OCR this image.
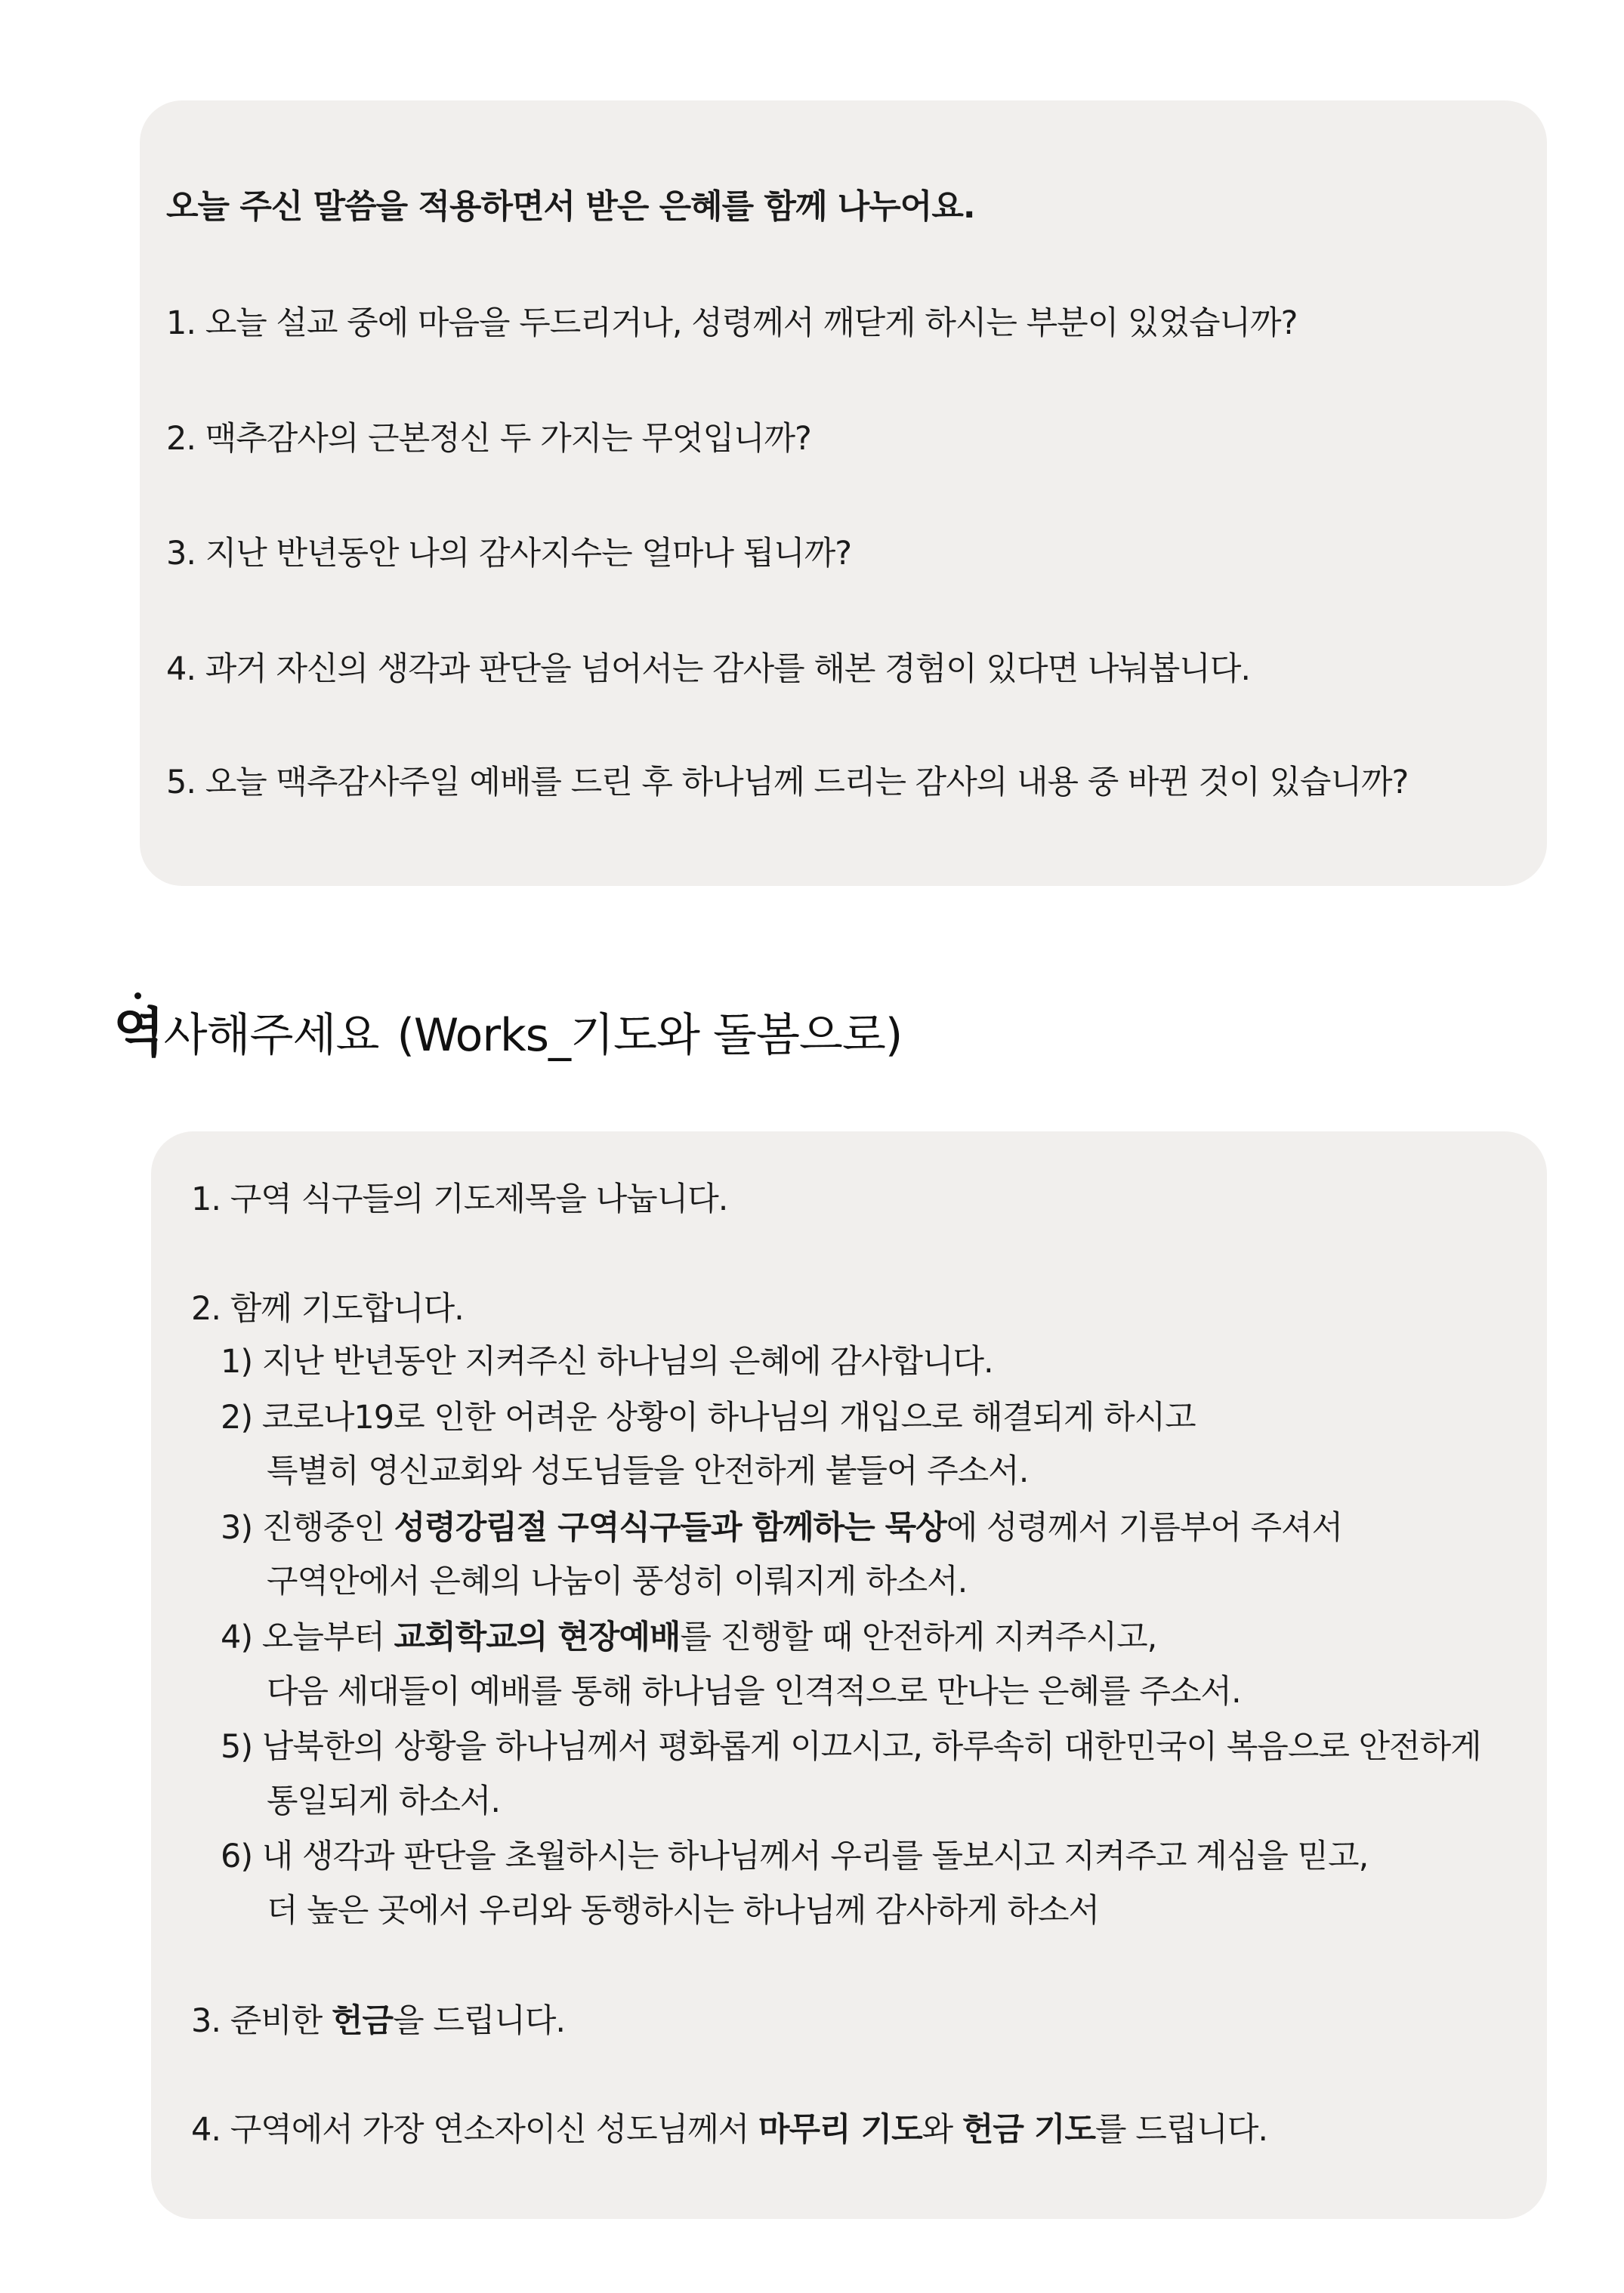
오늘 주신 말씀을 적용하면서 받은 은혜를 함께 나누어요.
1. 오늘 설교 중에 마음을 두드리거나, 성령께서 깨닫게 하시는 부분이 있었습니까?
2. 맥추감사의 근본정신 두 가지는 무엇입니까?
3. 지난 반년동안 나의 감사지수는 얼마나 됩니까?
4. 과거 자신의 생각과 판단을 넘어서는 감사를 해본 경험이 있다면 나눠봅니다.
5. 오늘 맥추감사주일 예배를 드린 후 하나님께 드리는 감사의 내용 중 바뀐 것이 있습니까?
역
사해주세요 (Works_기도와 돌봄으로)
1. 구역 식구들의 기도제목을 나눕니다.
2. 함께 기도합니다.
1) 지난 반년동안 지켜주신 하나님의 은혜에 감사합니다.
2) 코로나19로 인한 어려운 상황이 하나님의 개입으로 해결되게 하시고
특별히 영신교회와 성도님들을 안전하게 붙들어 주소서.
3) 진행중인 성령강림절 구역식구들과 함께하는 묵상에 성령께서 기름부어 주셔서
구역안에서 은혜의 나눔이 풍성히 이뤄지게 하소서.
4) 오늘부터 교회학교의 현장예배를 진행할 때 안전하게 지켜주시고,
다음 세대들이 예배를 통해 하나님을 인격적으로 만나는 은혜를 주소서.
5) 남북한의 상황을 하나님께서 평화롭게 이끄시고, 하루속히 대한민국이 복음으로 안전하게
통일되게 하소서.
6) 내 생각과 판단을 초월하시는 하나님께서 우리를 돌보시고 지켜주고 계심을 믿고,
더 높은 곳에서 우리와 동행하시는 하나님께 감사하게 하소서
3. 준비한 헌금을 드립니다.
4. 구역에서 가장 연소자이신 성도님께서 마무리 기도와 헌금 기도를 드립니다.
